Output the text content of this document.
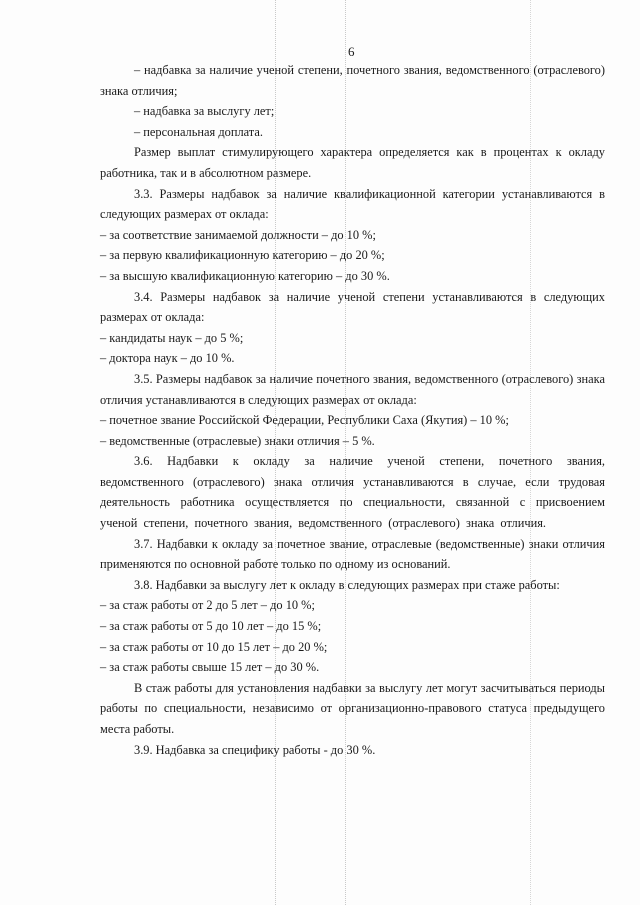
6

– надбавка за наличие ученой степени, почетного звания, ведомственного (отраслевого) знака отличия;

– надбавка за выслугу лет;

– персональная доплата.

Размер выплат стимулирующего характера определяется как в процентах к окладу работника, так и в абсолютном размере.

3.3. Размеры надбавок за наличие квалификационной категории устанавливаются в следующих размерах от оклада:

– за соответствие занимаемой должности – до 10 %;

– за первую квалификационную категорию – до 20 %;

– за высшую квалификационную категорию – до 30 %.

3.4. Размеры надбавок за наличие ученой степени устанавливаются в следующих размерах от оклада:

– кандидаты наук – до 5 %;

– доктора наук – до 10 %.

3.5. Размеры надбавок за наличие почетного звания, ведомственного (отраслевого) знака отличия устанавливаются в следующих размерах от оклада:

– почетное звание Российской Федерации, Республики Саха (Якутия) – 10 %;

– ведомственные (отраслевые) знаки отличия – 5 %.

3.6. Надбавки к окладу за наличие ученой степени, почетного звания, ведомственного (отраслевого) знака отличия устанавливаются в случае, если трудовая деятельность работника осуществляется по специальности, связанной с присвоением ученой степени, почетного звания, ведомственного (отраслевого) знака отличия.

3.7. Надбавки к окладу за почетное звание, отраслевые (ведомственные) знаки отличия применяются по основной работе только по одному из оснований.

3.8. Надбавки за выслугу лет к окладу в следующих размерах при стаже работы:

– за стаж работы от 2 до 5 лет – до 10 %;

– за стаж работы от 5 до 10 лет – до 15 %;

– за стаж работы от 10 до 15 лет – до 20 %;

– за стаж работы свыше 15 лет – до 30 %.

В стаж работы для установления надбавки за выслугу лет могут засчитываться периоды работы по специальности, независимо от организационно-правового статуса предыдущего места работы.

3.9. Надбавка за специфику работы - до 30 %.
